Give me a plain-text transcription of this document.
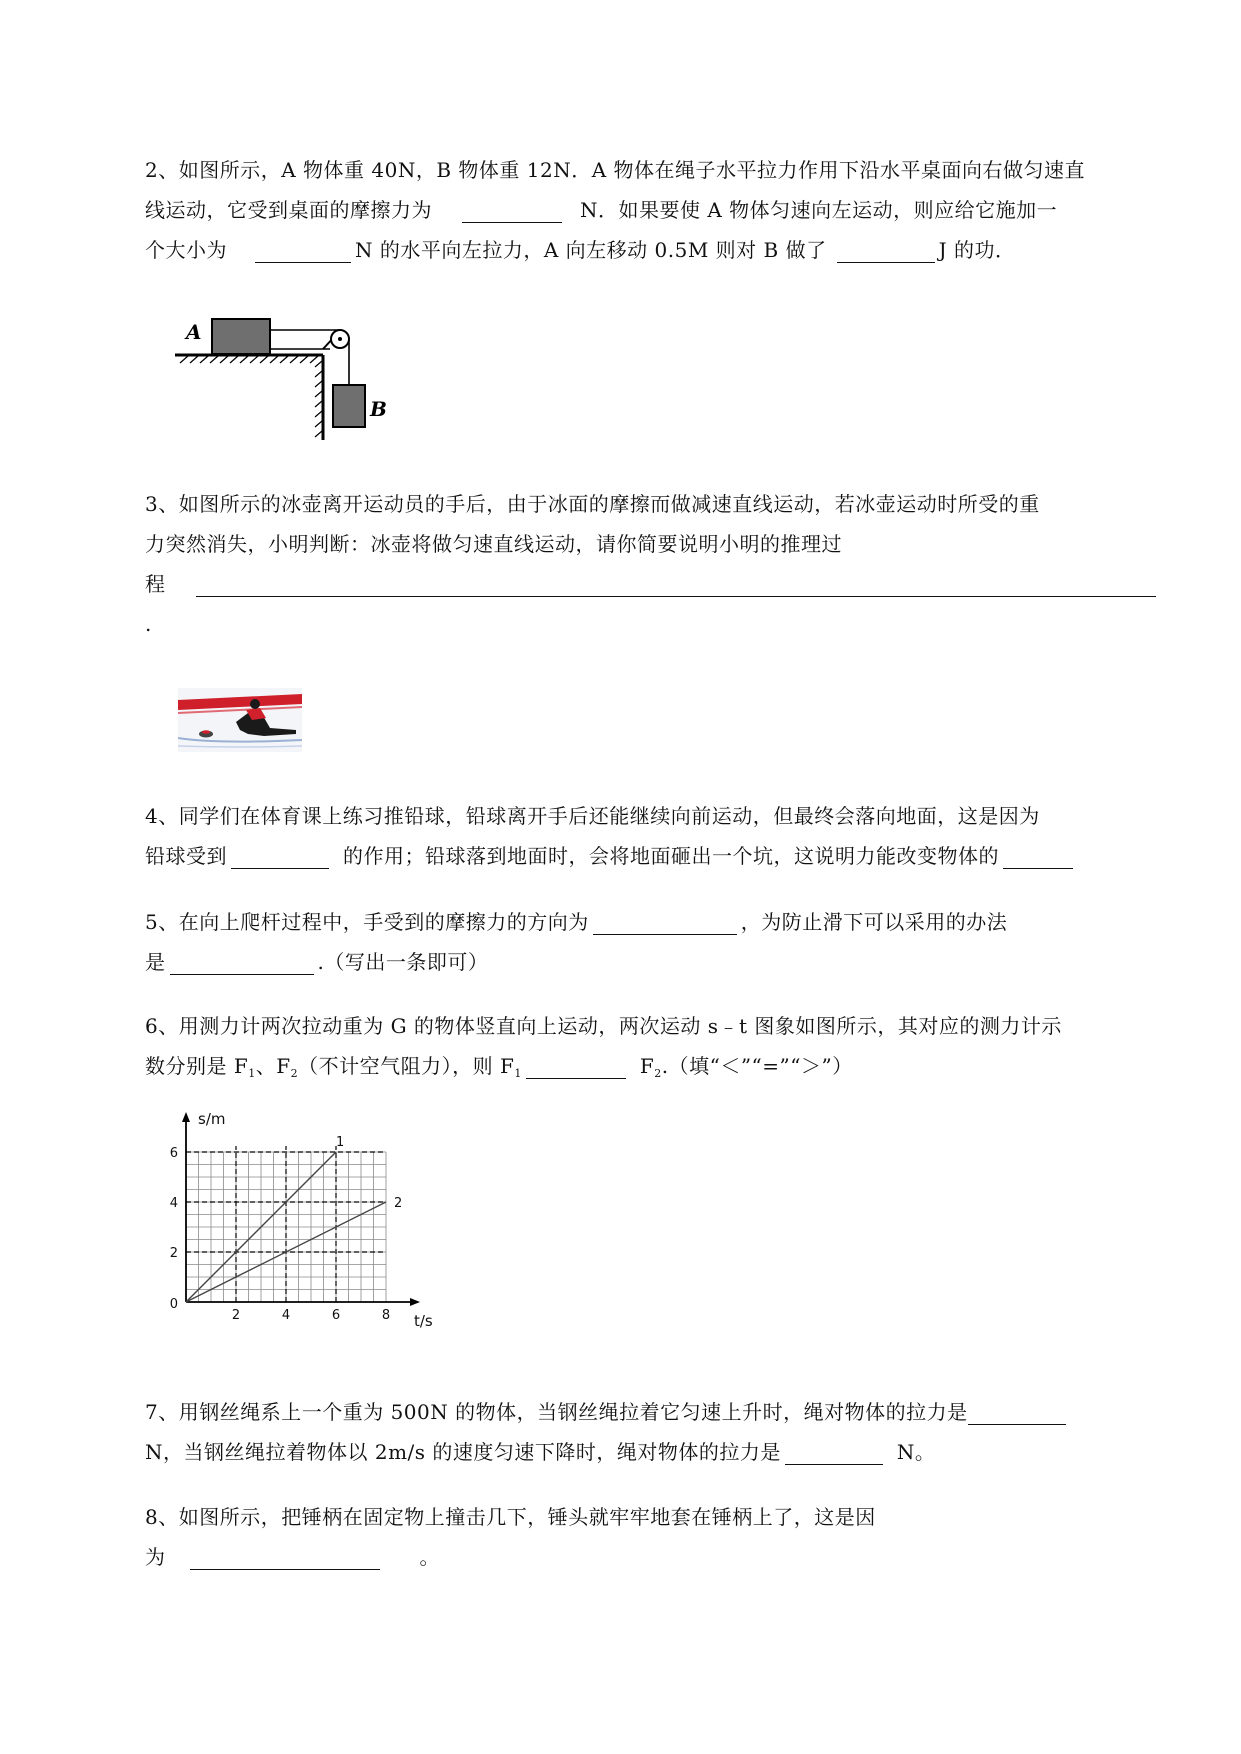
2、如图所示，A 物体重 40N，B 物体重 12N．A 物体在绳子水平拉力作用下沿水平桌面向右做匀速直
线运动，它受到桌面的摩擦力为	N．如果要使 A 物体匀速向左运动，则应给它施加一
个大小为	N 的水平向左拉力，A 向左移动 0.5M 则对 B 做了	J 的功．
A
B
3、如图所示的冰壶离开运动员的手后，由于冰面的摩擦而做减速直线运动，若冰壶运动时所受的重
力突然消失，小明判断：冰壶将做匀速直线运动，请你简要说明小明的推理过
程
.
4、同学们在体育课上练习推铅球，铅球离开手后还能继续向前运动，但最终会落向地面，这是因为
铅球受到	的作用；铅球落到地面时，会将地面砸出一个坑，这说明力能改变物体的
5、在向上爬杆过程中，手受到的摩擦力的方向为	，为防止滑下可以采用的办法
是	.（写出一条即可）
6、用测力计两次拉动重为 G 的物体竖直向上运动，两次运动 s﹣t 图象如图所示，其对应的测力计示
数分别是 $F_1$、$F_2$（不计空气阻力），则 $F_1$	$F_2$.（填“＜”“=”“＞”）
2	4	6	8
2
4
6
0
s/m
t/s
1
2
7、用钢丝绳系上一个重为 500N 的物体，当钢丝绳拉着它匀速上升时，绳对物体的拉力是
N，当钢丝绳拉着物体以 2m/s 的速度匀速下降时，绳对物体的拉力是	N。
8、如图所示，把锤柄在固定物上撞击几下，锤头就牢牢地套在锤柄上了，这是因
为	。
